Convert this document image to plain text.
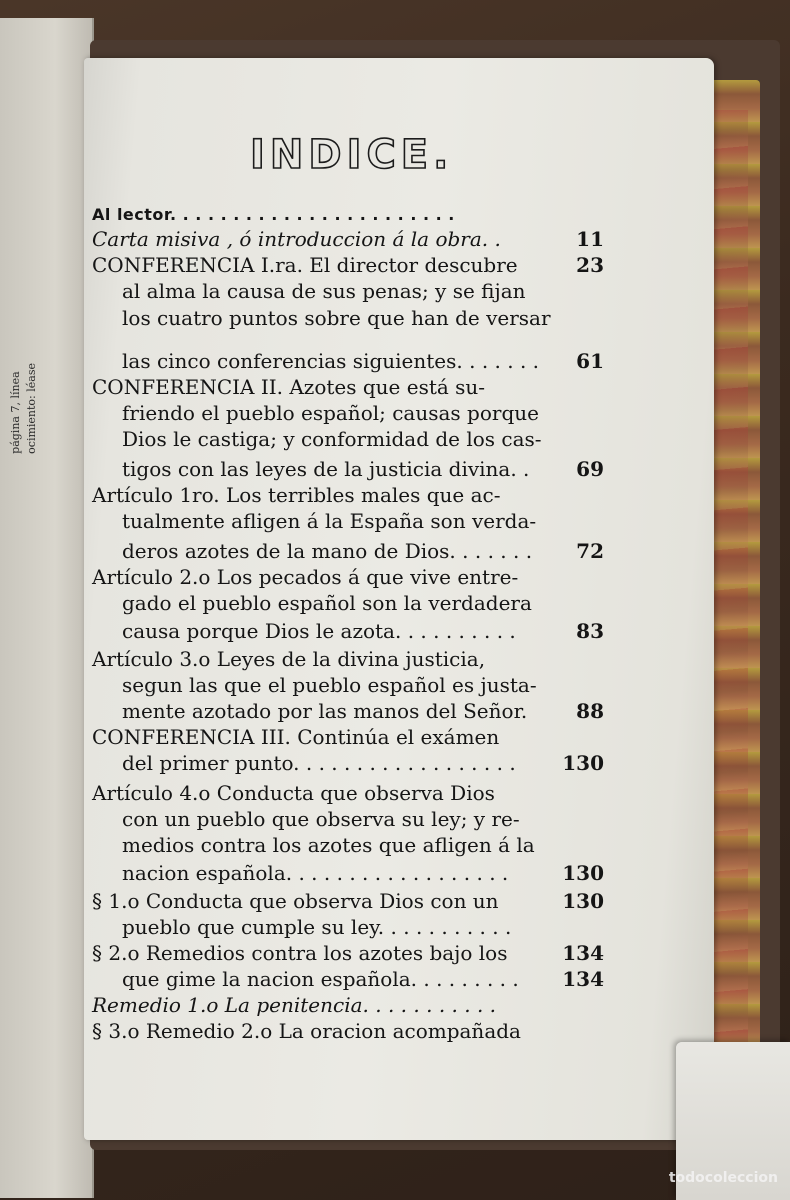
página 7, línea ocimiento: léase
INDICE.
Al lector. . . . . . . . . . . . . . . . . . . . . . .
Carta misiva , ó introduccion á la obra. .	11
CONFERENCIA I.ra. El director descubre	23
al alma la causa de sus penas; y se fijan
los cuatro puntos sobre que han de versar
las cinco conferencias siguientes. . . . . . . 61
CONFERENCIA II. Azotes que está su-
friendo el pueblo español; causas porque
Dios le castiga; y conformidad de los cas-
tigos con las leyes de la justicia divina. . 69
Artículo 1ro. Los terribles males que ac-
tualmente afligen á la España son verda-
deros azotes de la mano de Dios. . . . . . . 72
Artículo 2.o Los pecados á que vive entre-
gado el pueblo español son la verdadera
causa porque Dios le azota. . . . . . . . . .	83
Artículo 3.o Leyes de la divina justicia,
segun las que el pueblo español es justa-
mente azotado por las manos del Señor. 88
CONFERENCIA III. Continúa el exámen
del primer punto. . . . . . . . . . . . . . . . . . 130
Artículo 4.o Conducta que observa Dios
con un pueblo que observa su ley; y re-
medios contra los azotes que afligen á la
nacion española. . . . . . . . . . . . . . . . . .	130
§ 1.o Conducta que observa Dios con un	130
pueblo que cumple su ley. . . . . . . . . . .
§ 2.o Remedios contra los azotes bajo los	134
que gime la nacion española. . . . . . . . . 134
Remedio 1.o La penitencia. . . . . . . . . . .
§ 3.o Remedio 2.o La oracion acompañada
todocoleccion
